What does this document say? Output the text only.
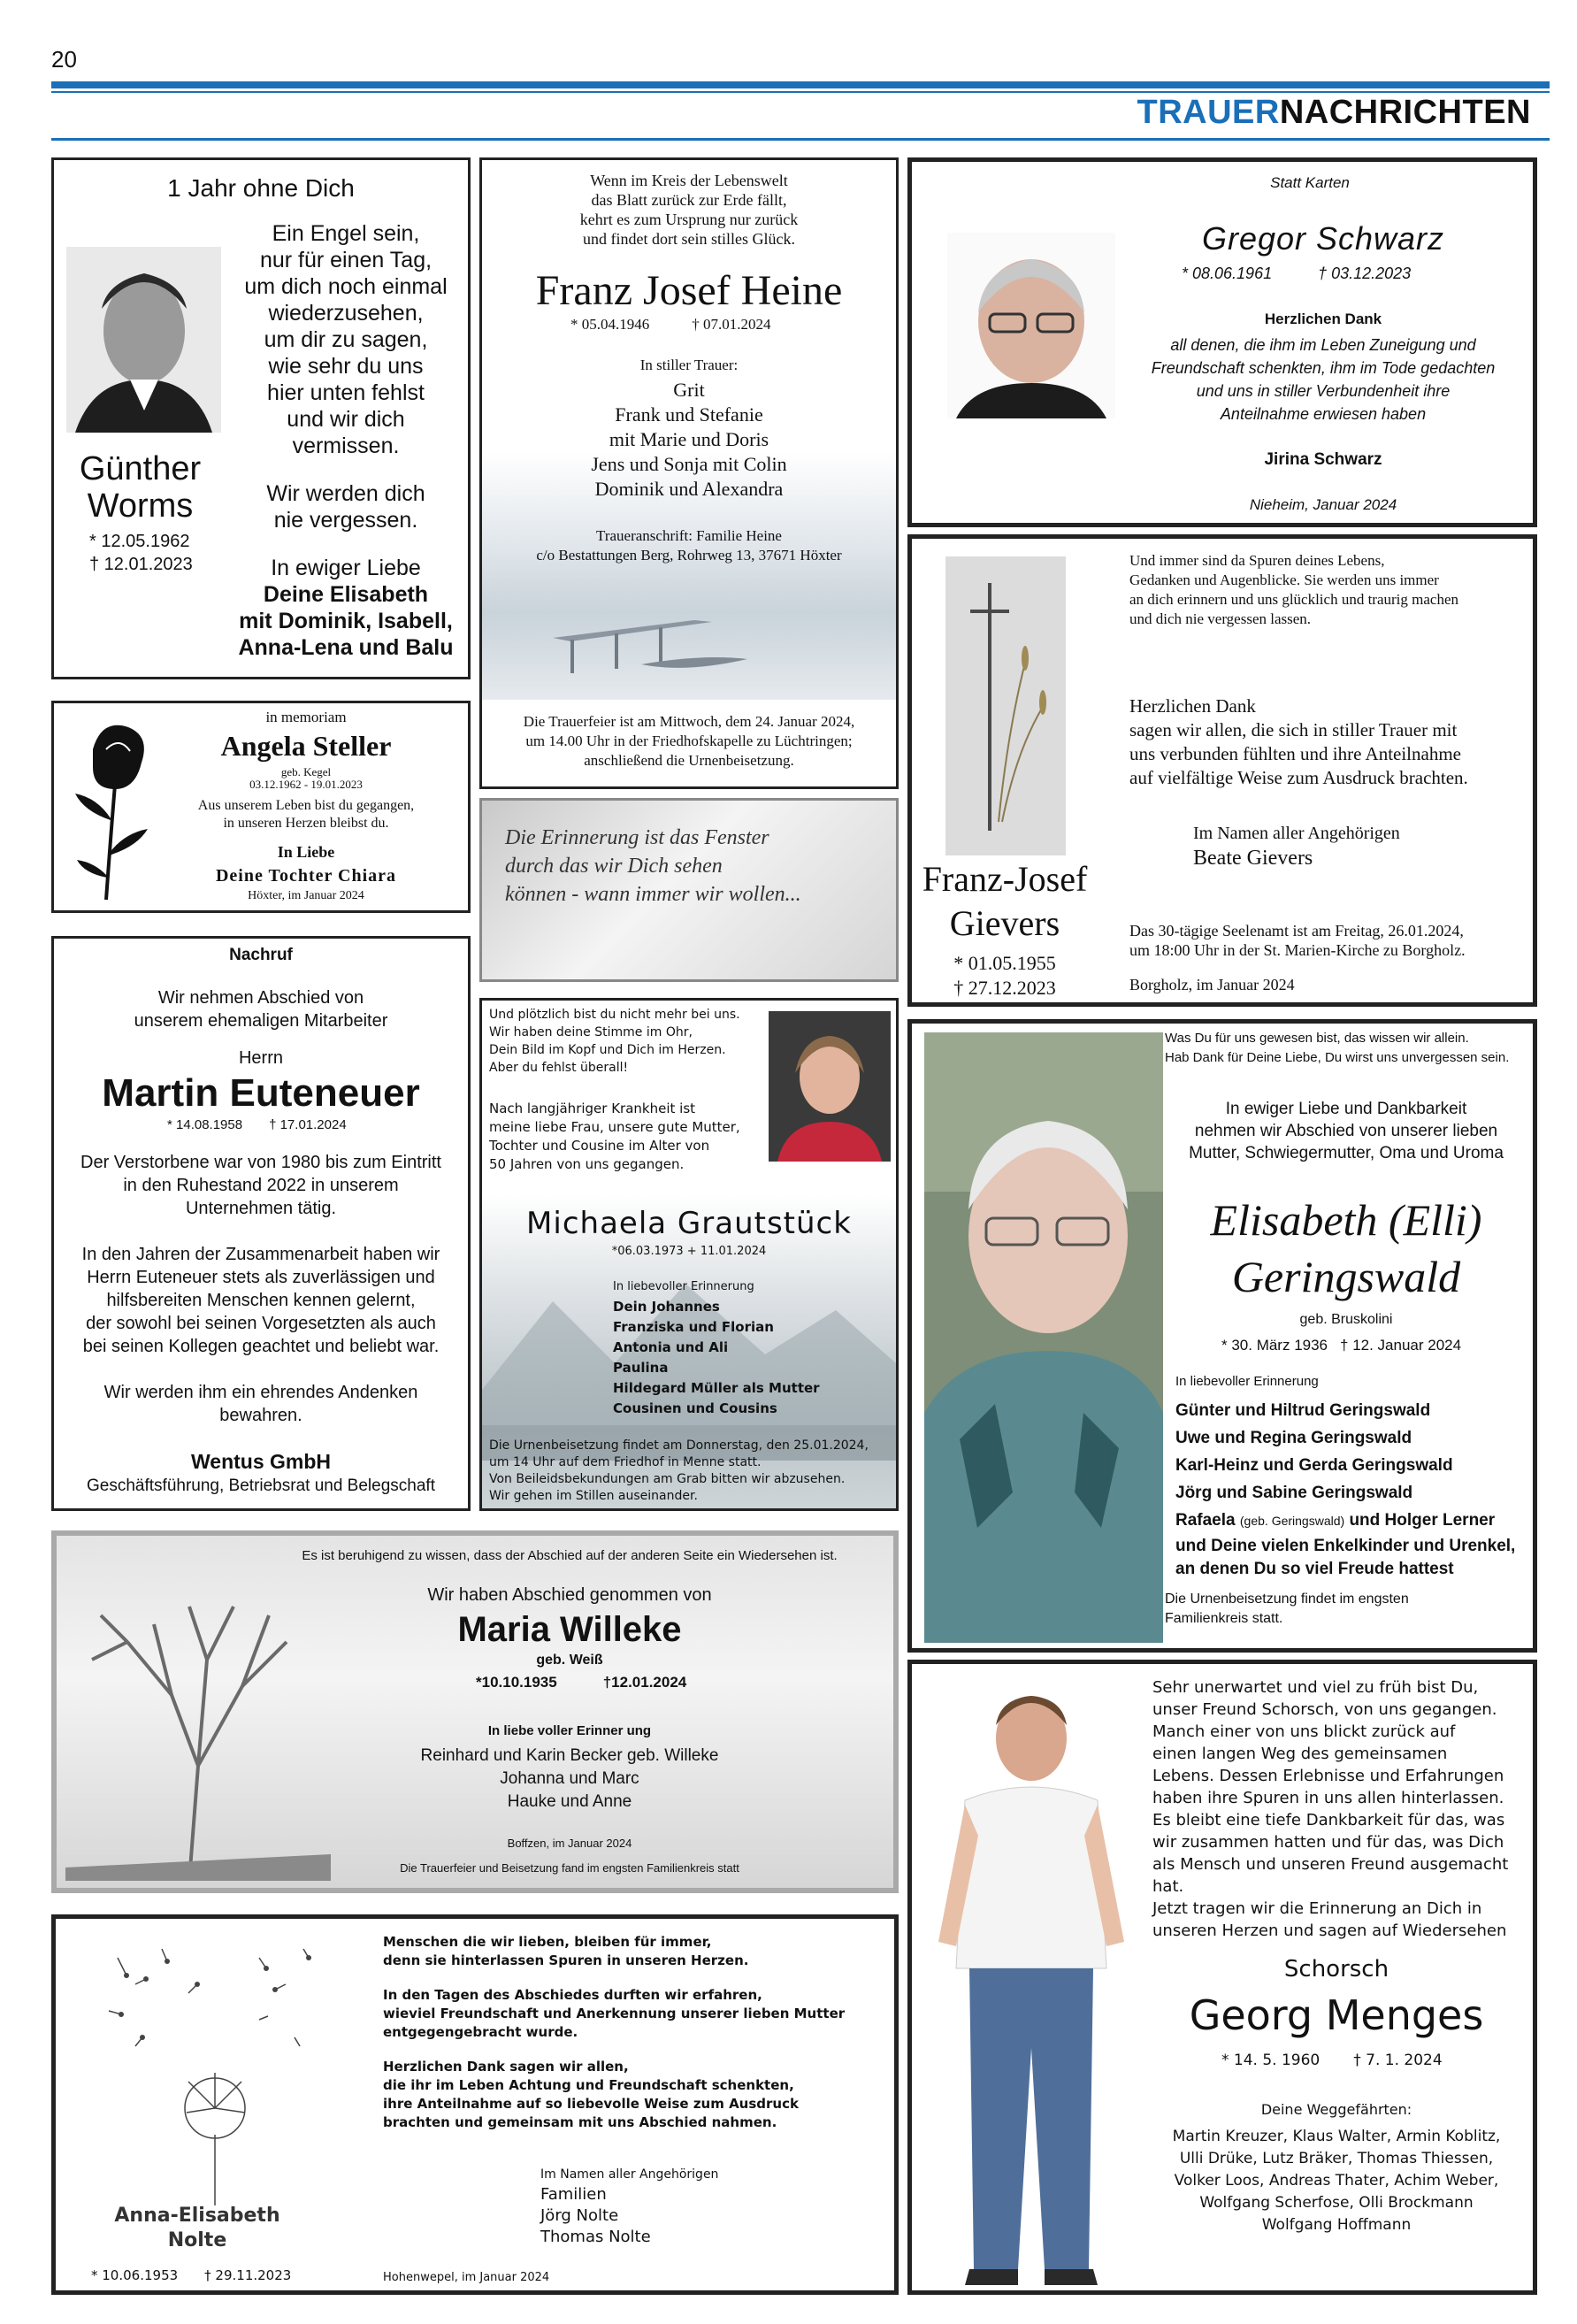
20
TRAUERNACHRICHTEN
1 Jahr ohne Dich
Ein Engel sein,
nur für einen Tag,
um dich noch einmal
wiederzusehen,
um dir zu sagen,
wie sehr du uns
hier unten fehlst
und wir dich
vermissen.
Wir werden dich
nie vergessen.
In ewiger Liebe
Deine Elisabeth
mit Dominik, Isabell,
Anna-Lena und Balu
Günther
Worms
* 12.05.1962
† 12.01.2023
Wenn im Kreis der Lebenswelt
das Blatt zurück zur Erde fällt,
kehrt es zum Ursprung nur zurück
und findet dort sein stilles Glück.
Franz Josef Heine
* 05.04.1946	† 07.01.2024
In stiller Trauer:
Grit
Frank und Stefanie
mit Marie und Doris
Jens und Sonja mit Colin
Dominik und Alexandra
Traueranschrift: Familie Heine
c/o Bestattungen Berg, Rohrweg 13, 37671 Höxter
Die Trauerfeier ist am Mittwoch, dem 24. Januar 2024,
um 14.00 Uhr in der Friedhofskapelle zu Lüchtringen;
anschließend die Urnenbeisetzung.
Statt Karten
Gregor Schwarz
* 08.06.1961	† 03.12.2023
Herzlichen Dank
all denen, die ihm im Leben Zuneigung und
Freundschaft schenkten, ihm im Tode gedachten
und uns in stiller Verbundenheit ihre
Anteilnahme erwiesen haben
Jirina Schwarz
Nieheim, Januar 2024
in memoriam
Angela Steller
geb. Kegel
03.12.1962 - 19.01.2023
Aus unserem Leben bist du gegangen,
in unseren Herzen bleibst du.
In Liebe
Deine Tochter Chiara
Höxter, im Januar 2024
Die Erinnerung ist das Fenster
durch das wir Dich sehen
können - wann immer wir wollen...	Franz-Josef
Gievers
* 01.05.1955
† 27.12.2023
Und immer sind da Spuren deines Lebens,
Gedanken und Augenblicke. Sie werden uns immer
an dich erinnern und uns glücklich und traurig machen
und dich nie vergessen lassen.
Herzlichen Dank
sagen wir allen, die sich in stiller Trauer mit
uns verbunden fühlten und ihre Anteilnahme
auf vielfältige Weise zum Ausdruck brachten.
Im Namen aller Angehörigen
Beate Gievers
Das 30-tägige Seelenamt ist am Freitag, 26.01.2024,
um 18:00 Uhr in der St. Marien-Kirche zu Borgholz.
Borgholz, im Januar 2024
Nachruf
Wir nehmen Abschied von
unserem ehemaligen Mitarbeiter
Herrn
Martin Euteneuer
* 14.08.1958 † 17.01.2024
Der Verstorbene war von 1980 bis zum Eintritt
in den Ruhestand 2022 in unserem
Unternehmen tätig.
In den Jahren der Zusammenarbeit haben wir
Herrn Euteneuer stets als zuverlässigen und
hilfsbereiten Menschen kennen gelernt,
der sowohl bei seinen Vorgesetzten als auch
bei seinen Kollegen geachtet und beliebt war.
Wir werden ihm ein ehrendes Andenken
bewahren.
Wentus GmbH
Geschäftsführung, Betriebsrat und Belegschaft
Und plötzlich bist du nicht mehr bei uns.
Wir haben deine Stimme im Ohr,
Dein Bild im Kopf und Dich im Herzen.
Aber du fehlst überall!
Nach langjähriger Krankheit ist
meine liebe Frau, unsere gute Mutter,
Tochter und Cousine im Alter von
50 Jahren von uns gegangen.
Michaela Grautstück
*06.03.1973 + 11.01.2024
In liebevoller Erinnerung
Dein Johannes
Franziska und Florian
Antonia und Ali
Paulina
Hildegard Müller als Mutter
Cousinen und Cousins
Die Urnenbeisetzung findet am Donnerstag, den 25.01.2024,
um 14 Uhr auf dem Friedhof in Menne statt.
Von Beileidsbekundungen am Grab bitten wir abzusehen.
Wir gehen im Stillen auseinander.
Was Du für uns gewesen bist, das wissen wir allein.
Hab Dank für Deine Liebe, Du wirst uns unvergessen sein.
In ewiger Liebe und Dankbarkeit
nehmen wir Abschied von unserer lieben
Mutter, Schwiegermutter, Oma und Uroma
Elisabeth (Elli)
Geringswald
geb. Bruskolini
* 30. März 1936 † 12. Januar 2024
In liebevoller Erinnerung
Günter und Hiltrud Geringswald
Uwe und Regina Geringswald
Karl-Heinz und Gerda Geringswald
Jörg und Sabine Geringswald
Rafaela (geb. Geringswald) und Holger Lerner
und Deine vielen Enkelkinder und Urenkel,
an denen Du so viel Freude hattest
Die Urnenbeisetzung findet im engsten
Familienkreis statt.
Es ist beruhigend zu wissen, dass der Abschied auf der anderen Seite ein Wiedersehen ist.
Wir haben Abschied genommen von
Maria Willeke
geb. Weiß
*10.10.1935	†12.01.2024
In liebe voller Erinner ung
Reinhard und Karin Becker geb. Willeke
Johanna und Marc
Hauke und Anne
Boffzen, im Januar 2024
Die Trauerfeier und Beisetzung fand im engsten Familienkreis statt
Anna-Elisabeth
Nolte
* 10.06.1953 † 29.11.2023
Menschen die wir lieben, bleiben für immer,
denn sie hinterlassen Spuren in unseren Herzen.
In den Tagen des Abschiedes durften wir erfahren,
wieviel Freundschaft und Anerkennung unserer lieben Mutter
entgegengebracht wurde.
Herzlichen Dank sagen wir allen,
die ihr im Leben Achtung und Freundschaft schenkten,
ihre Anteilnahme auf so liebevolle Weise zum Ausdruck
brachten und gemeinsam mit uns Abschied nahmen.
Im Namen aller Angehörigen
Familien
Jörg Nolte
Thomas Nolte
Hohenwepel, im Januar 2024
Sehr unerwartet und viel zu früh bist Du,
unser Freund Schorsch, von uns gegangen.
Manch einer von uns blickt zurück auf
einen langen Weg des gemeinsamen
Lebens. Dessen Erlebnisse und Erfahrungen
haben ihre Spuren in uns allen hinterlassen.
Es bleibt eine tiefe Dankbarkeit für das, was
wir zusammen hatten und für das, was Dich
als Mensch und unseren Freund ausgemacht
hat.
Jetzt tragen wir die Erinnerung an Dich in
unseren Herzen und sagen auf Wiedersehen
Schorsch
Georg Menges
* 14. 5. 1960 † 7. 1. 2024
Deine Weggefährten:
Martin Kreuzer, Klaus Walter, Armin Koblitz,
Ulli Drüke, Lutz Bräker, Thomas Thiessen,
Volker Loos, Andreas Thater, Achim Weber,
Wolfgang Scherfose, Olli Brockmann
Wolfgang Hoffmann
